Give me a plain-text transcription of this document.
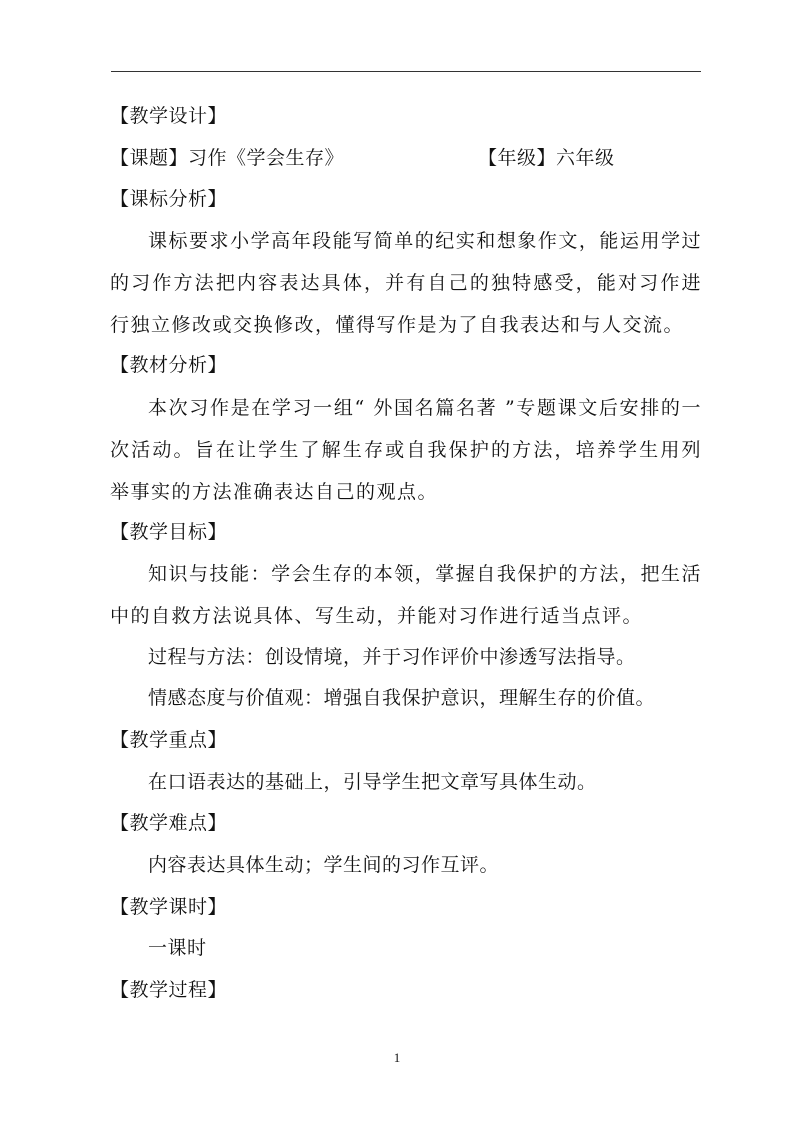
【教学设计】
【课题】习作《学会生存》	【年级】六年级
【课标分析】
课标要求小学高年段能写简单的纪实和想象作文，能运用学过的习作方法把内容表达具体，并有自己的独特感受，能对习作进行独立修改或交换修改，懂得写作是为了自我表达和与人交流。
【教材分析】
本次习作是在学习一组“ 外国名篇名著 ”专题课文后安排的一次活动。旨在让学生了解生存或自我保护的方法，培养学生用列举事实的方法准确表达自己的观点。
【教学目标】
知识与技能：学会生存的本领，掌握自我保护的方法，把生活中的自救方法说具体、写生动，并能对习作进行适当点评。
过程与方法：创设情境，并于习作评价中渗透写法指导。
情感态度与价值观：增强自我保护意识，理解生存的价值。
【教学重点】
在口语表达的基础上，引导学生把文章写具体生动。
【教学难点】
内容表达具体生动；学生间的习作互评。
【教学课时】
一课时
【教学过程】
1
